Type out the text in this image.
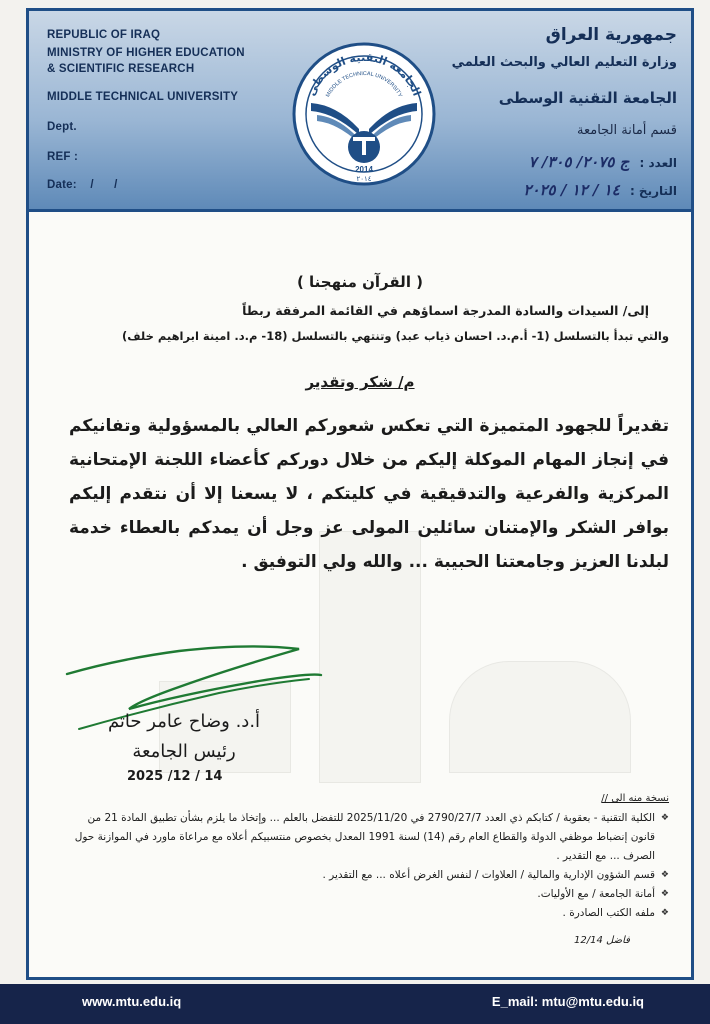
REPUBLIC OF IRAQ
MINISTRY OF HIGHER EDUCATION
& SCIENTIFIC RESEARCH
MIDDLE TECHNICAL UNIVERSITY
Dept.
REF :
Date:    /      /
جمهورية العراق
وزارة التعليم العالي والبحث العلمي
الجامعة التقنية الوسطى
قسم أمانة الجامعة
العدد : ج ٢٠٧٥/ ٣٠٥/ ٧
التاريخ : ١٤ / ١٢ / ٢٠٢٥
الجامعة التقنية الوسطى
MIDDLE TECHNICAL UNIVERSITY
2014
٢٠١٤
( القرآن منهجنا )
إلى/ السيدات والسادة المدرجة اسماؤهم في القائمة المرفقة ربطاً
والتي تبدأ بالتسلسل (1- أ.م.د. احسان ذياب عبد) وتنتهي بالتسلسل (18- م.د. امينة ابراهيم خلف)
م/ شكر وتقدير
تقديراً للجهود المتميزة التي تعكس شعوركم العالي بالمسؤولية وتفانيكم في إنجاز المهام الموكلة إليكم من خلال دوركم كأعضاء اللجنة الإمتحانية المركزية والفرعية والتدقيقية في كليتكم ، لا يسعنا إلا أن نتقدم إليكم بوافر الشكر والإمتنان سائلين المولى عز وجل أن يمدكم بالعطاء خدمة لبلدنا العزيز وجامعتنا الحبيبة ... والله ولي التوفيق .
أ.د. وضاح عامر حاتم
رئيس الجامعة
2025 /12 / 14
نسخة منه الى //
❖ الكلية التقنية - بعقوبة / كتابكم ذي العدد 2790/27/7 في 2025/11/20 للتفضل بالعلم ... وإتخاذ ما يلزم بشأن تطبيق المادة 21 من قانون إنضباط موظفي الدولة والقطاع العام رقم (14) لسنة 1991 المعدل بخصوص منتسبيكم أعلاه مع مراعاة ماورد في الموازنة حول الصرف ... مع التقدير .
❖ قسم الشؤون الإدارية والمالية / العلاوات / لنفس الغرض أعلاه ... مع التقدير .
❖ أمانة الجامعة / مع الأوليات.
❖ ملفه الكتب الصادرة .
فاضل 12/14
www.mtu.edu.iq	E_mail: mtu@mtu.edu.iq
